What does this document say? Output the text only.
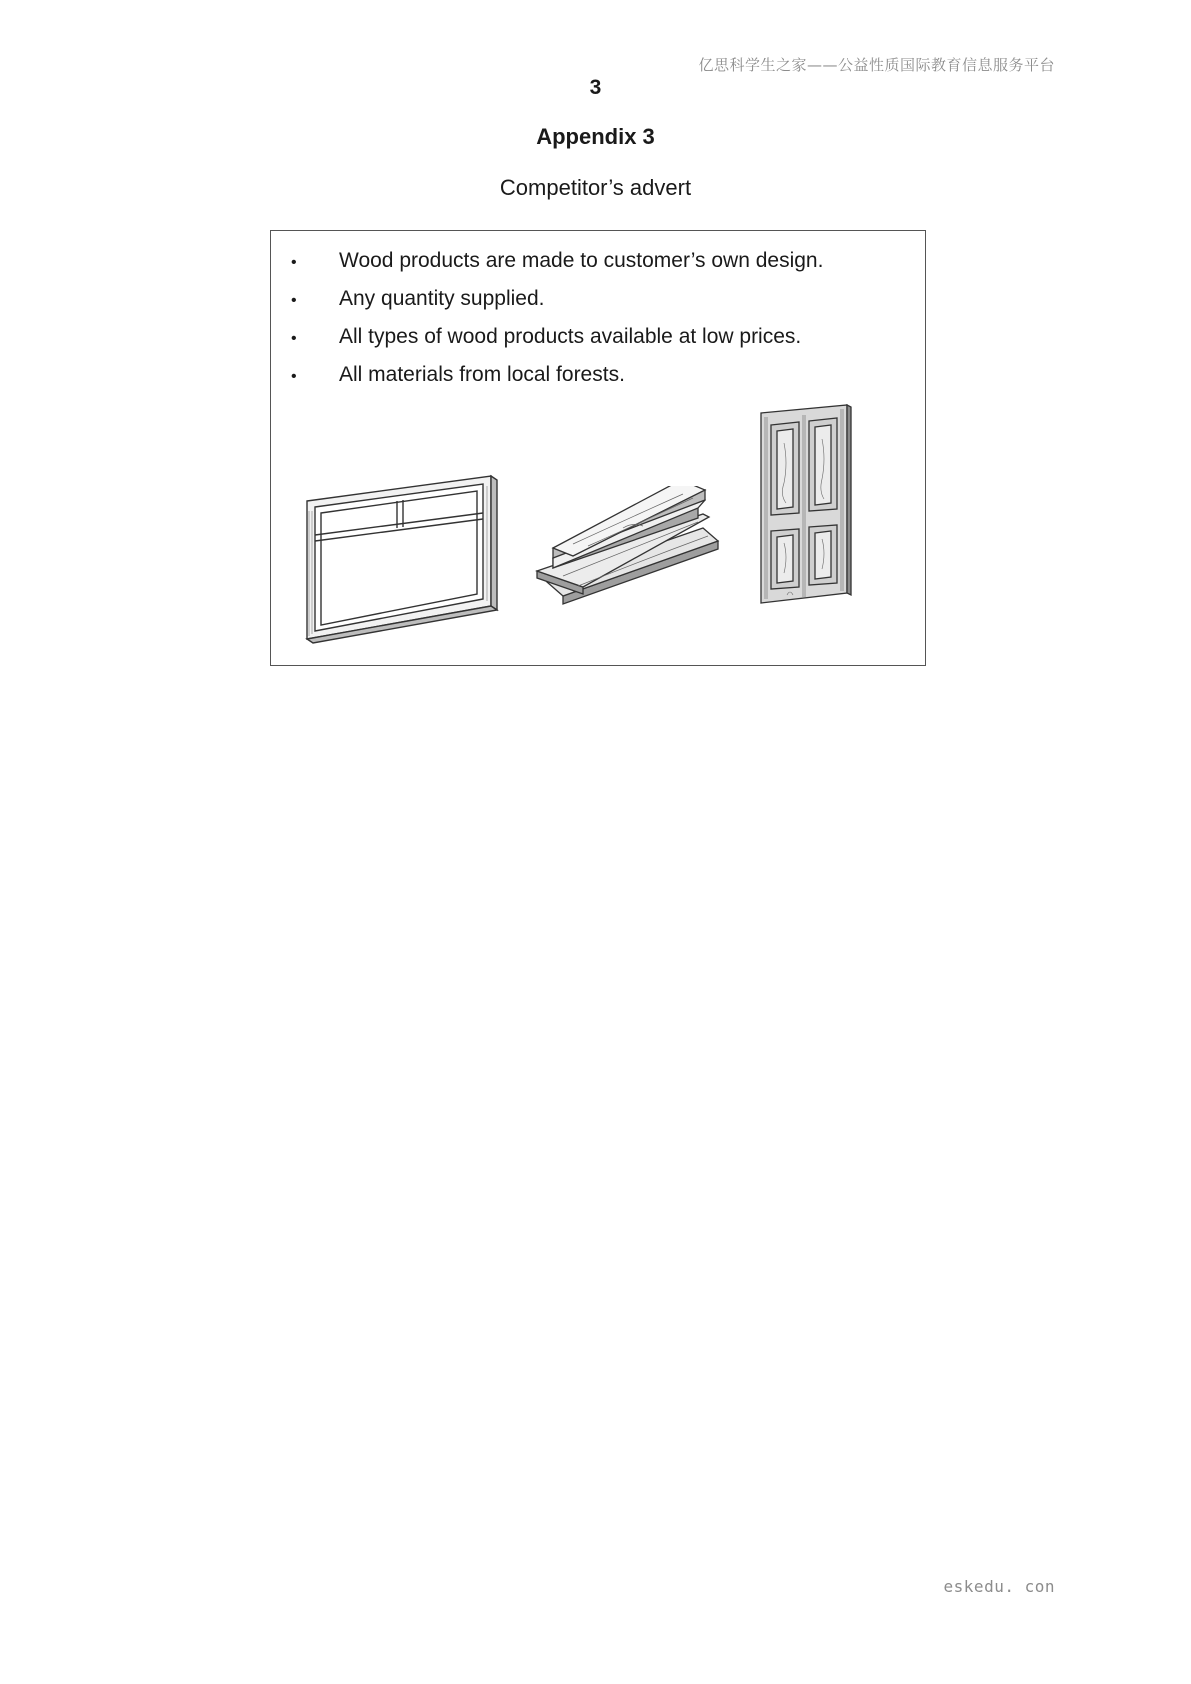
亿思科学生之家——公益性质国际教育信息服务平台
3
Appendix 3
Competitor’s advert
•	Wood products are made to customer’s own design.
•	Any quantity supplied.
•	All types of wood products available at low prices.
•	All materials from local forests.
eskedu. con
